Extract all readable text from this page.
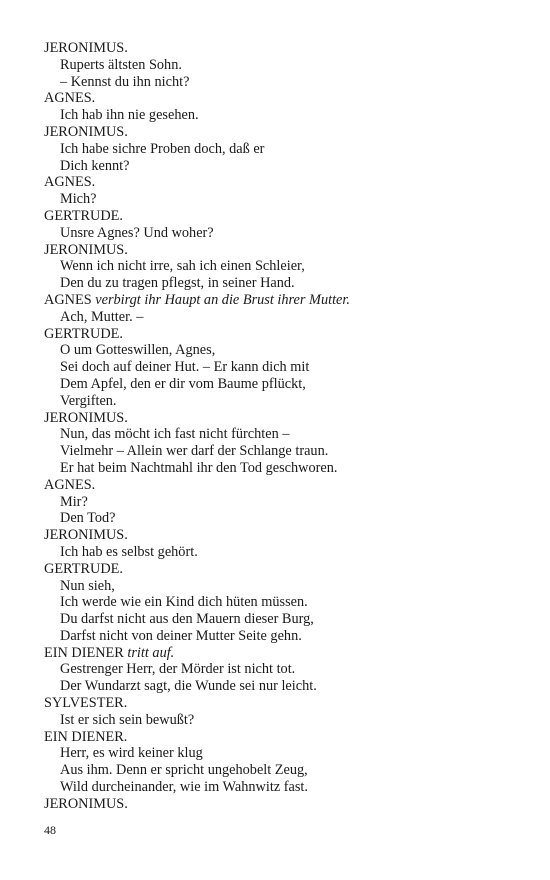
JERONIMUS.
Ruperts ältsten Sohn.
– Kennst du ihn nicht?
AGNES.
Ich hab ihn nie gesehen.
JERONIMUS.
Ich habe sichre Proben doch, daß er
Dich kennt?
AGNES.
Mich?
GERTRUDE.
Unsre Agnes? Und woher?
JERONIMUS.
Wenn ich nicht irre, sah ich einen Schleier,
Den du zu tragen pflegst, in seiner Hand.
AGNES verbirgt ihr Haupt an die Brust ihrer Mutter.
Ach, Mutter. –
GERTRUDE.
O um Gotteswillen, Agnes,
Sei doch auf deiner Hut. – Er kann dich mit
Dem Apfel, den er dir vom Baume pflückt,
Vergiften.
JERONIMUS.
Nun, das möcht ich fast nicht fürchten –
Vielmehr – Allein wer darf der Schlange traun.
Er hat beim Nachtmahl ihr den Tod geschworen.
AGNES.
Mir?
Den Tod?
JERONIMUS.
Ich hab es selbst gehört.
GERTRUDE.
Nun sieh,
Ich werde wie ein Kind dich hüten müssen.
Du darfst nicht aus den Mauern dieser Burg,
Darfst nicht von deiner Mutter Seite gehn.
EIN DIENER tritt auf.
Gestrenger Herr, der Mörder ist nicht tot.
Der Wundarzt sagt, die Wunde sei nur leicht.
SYLVESTER.
Ist er sich sein bewußt?
EIN DIENER.
Herr, es wird keiner klug
Aus ihm. Denn er spricht ungehobelt Zeug,
Wild durcheinander, wie im Wahnwitz fast.
JERONIMUS.
48
